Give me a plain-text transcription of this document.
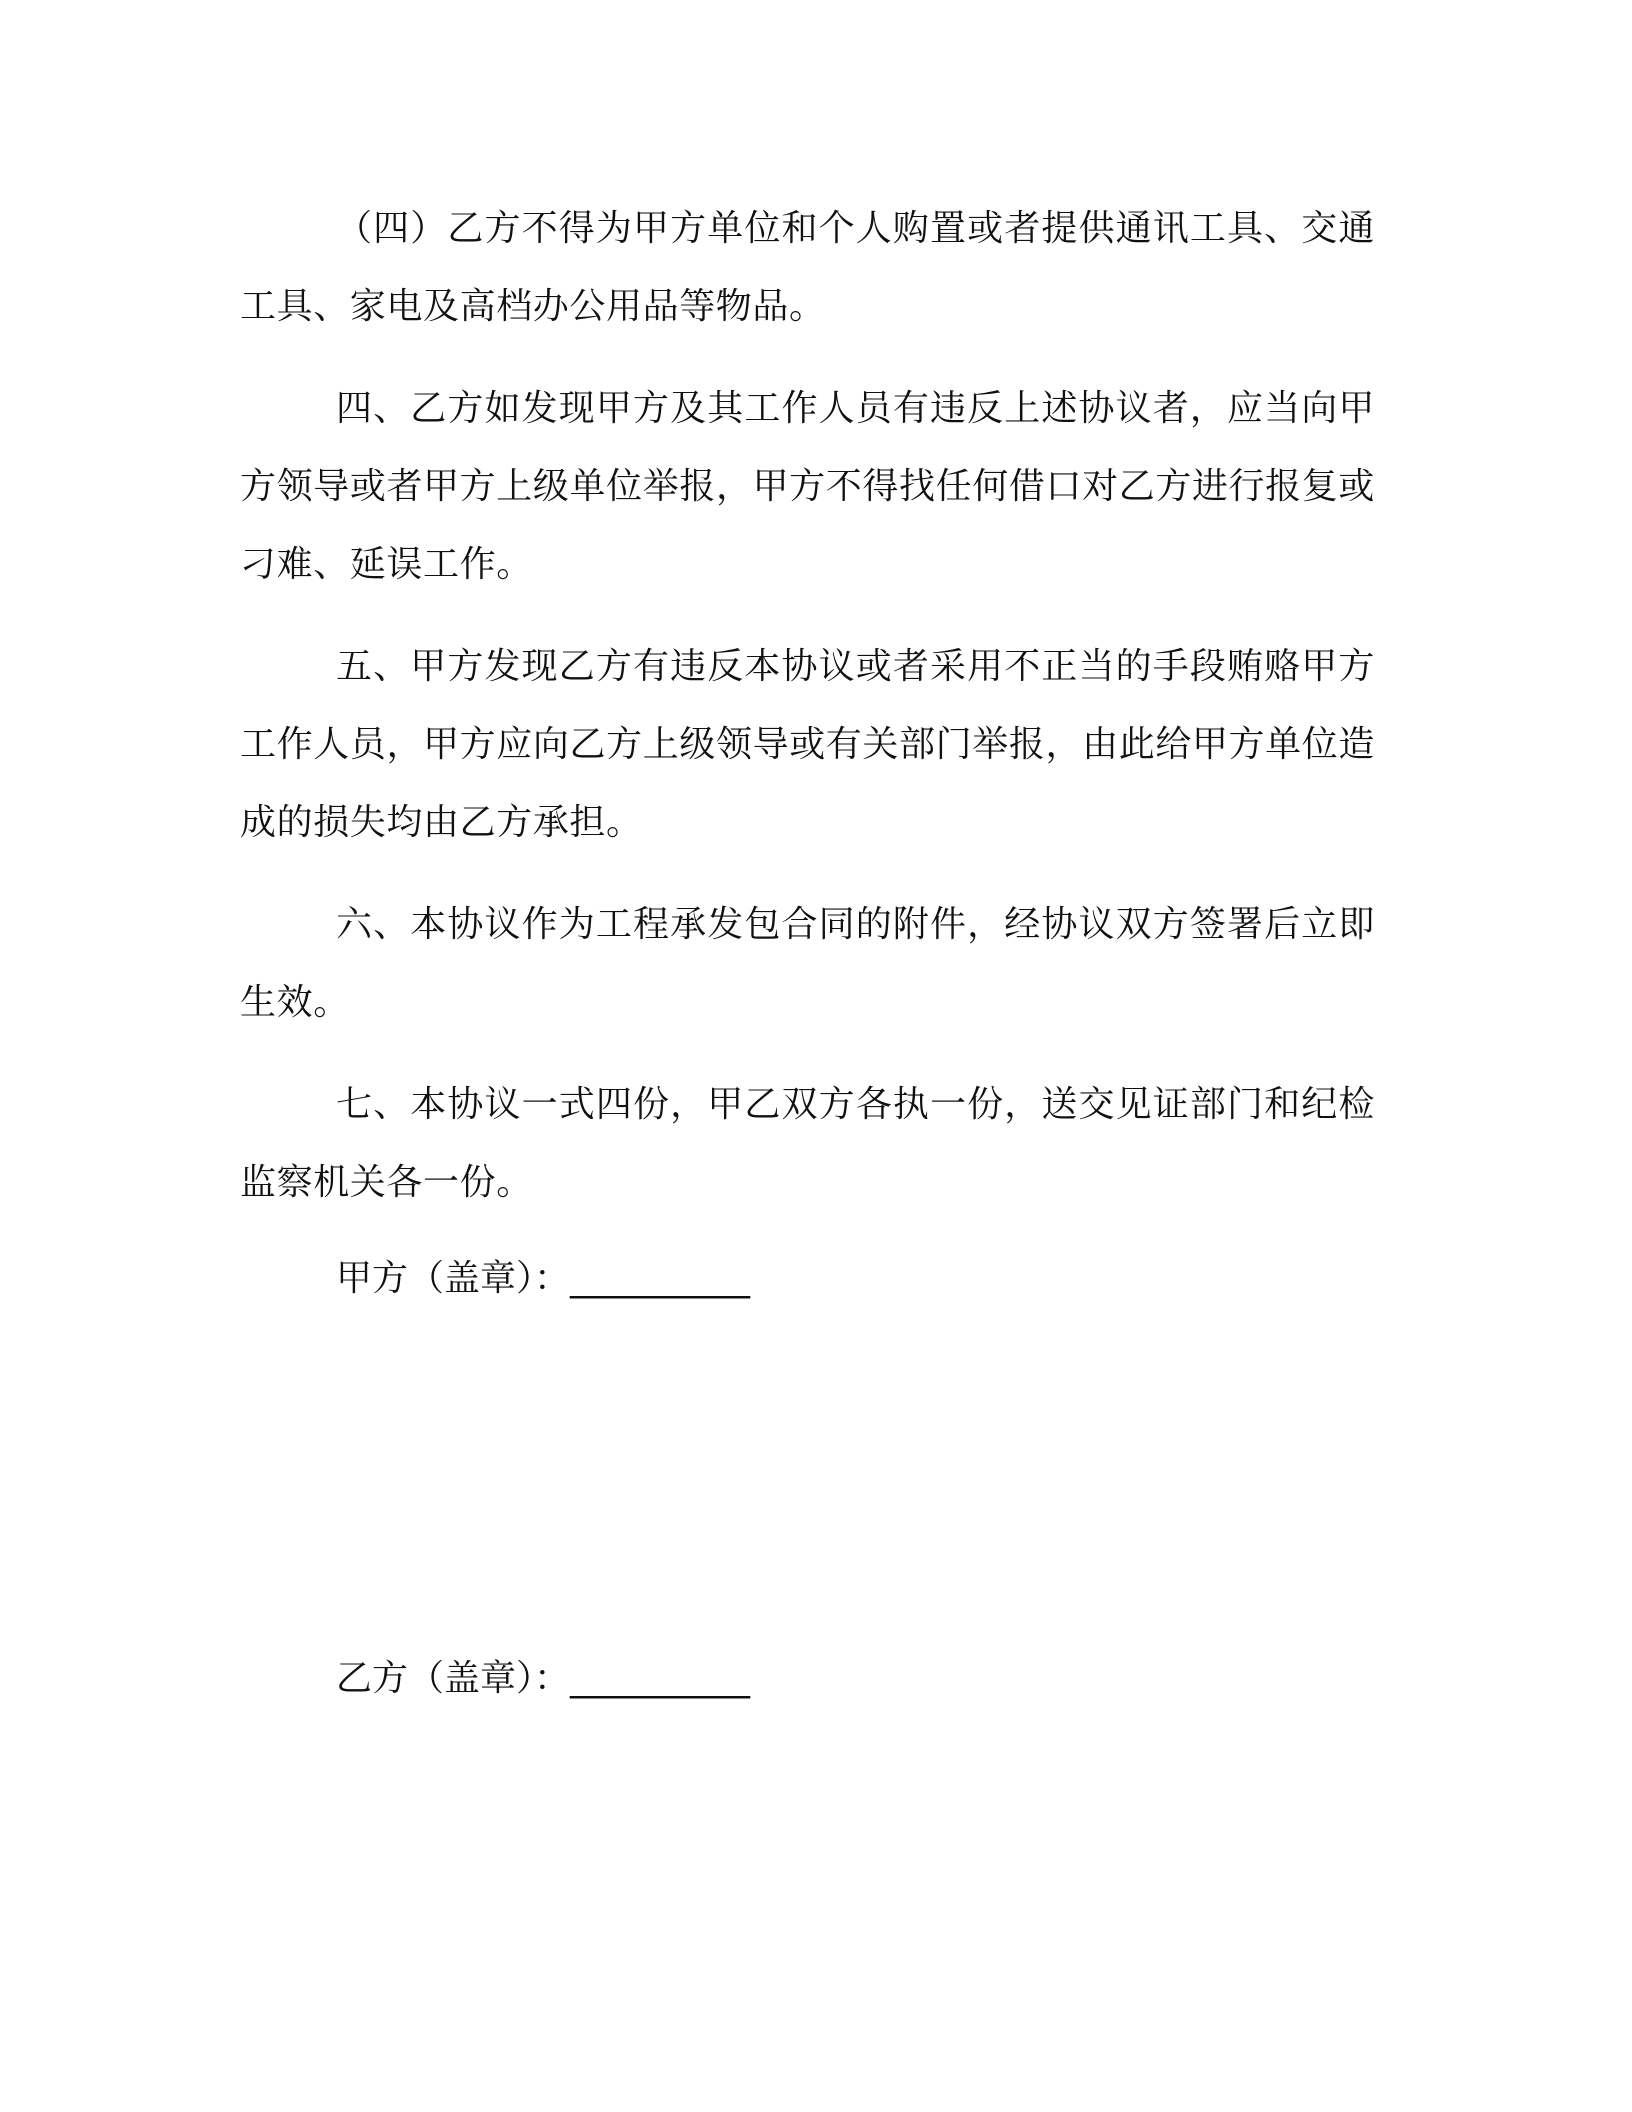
（四）乙方不得为甲方单位和个人购置或者提供通讯工具、交通工具、家电及高档办公用品等物品。

四、乙方如发现甲方及其工作人员有违反上述协议者，应当向甲方领导或者甲方上级单位举报，甲方不得找任何借口对乙方进行报复或刁难、延误工作。

五、甲方发现乙方有违反本协议或者采用不正当的手段贿赂甲方工作人员，甲方应向乙方上级领导或有关部门举报，由此给甲方单位造成的损失均由乙方承担。

六、本协议作为工程承发包合同的附件，经协议双方签署后立即生效。

七、本协议一式四份，甲乙双方各执一份，送交见证部门和纪检监察机关各一份。

甲方（盖章）：__________

乙方（盖章）：__________
